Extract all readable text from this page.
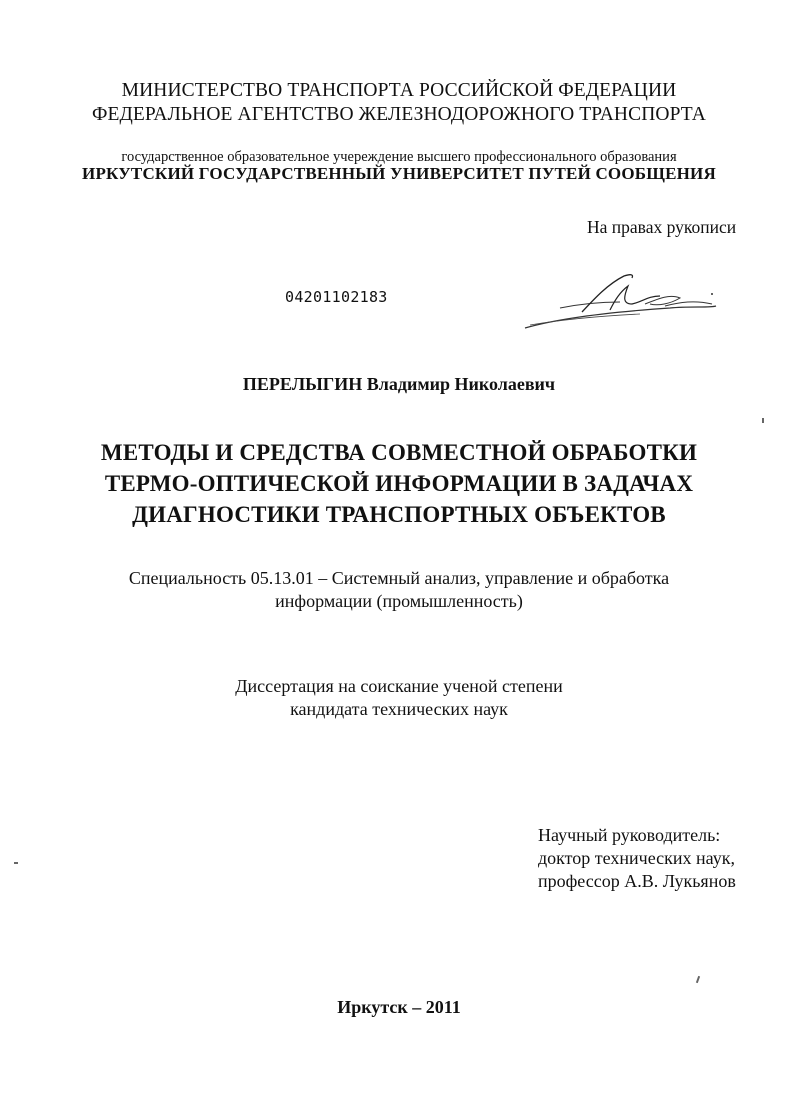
МИНИСТЕРСТВО ТРАНСПОРТА РОССИЙСКОЙ ФЕДЕРАЦИИ
ФЕДЕРАЛЬНОЕ АГЕНТСТВО ЖЕЛЕЗНОДОРОЖНОГО ТРАНСПОРТА
государственное образовательное учереждение высшего профессионального образования
ИРКУТСКИЙ ГОСУДАРСТВЕННЫЙ УНИВЕРСИТЕТ ПУТЕЙ СООБЩЕНИЯ
На правах рукописи
04201102183
ПЕРЕЛЫГИН Владимир Николаевич
МЕТОДЫ И СРЕДСТВА СОВМЕСТНОЙ ОБРАБОТКИ
ТЕРМО-ОПТИЧЕСКОЙ ИНФОРМАЦИИ В ЗАДАЧАХ
ДИАГНОСТИКИ ТРАНСПОРТНЫХ ОБЪЕКТОВ
Специальность 05.13.01 – Системный анализ, управление и обработка
информации (промышленность)
Диссертация на соискание ученой степени
кандидата технических наук
Научный руководитель:
доктор технических наук,
профессор А.В. Лукьянов
Иркутск – 2011
